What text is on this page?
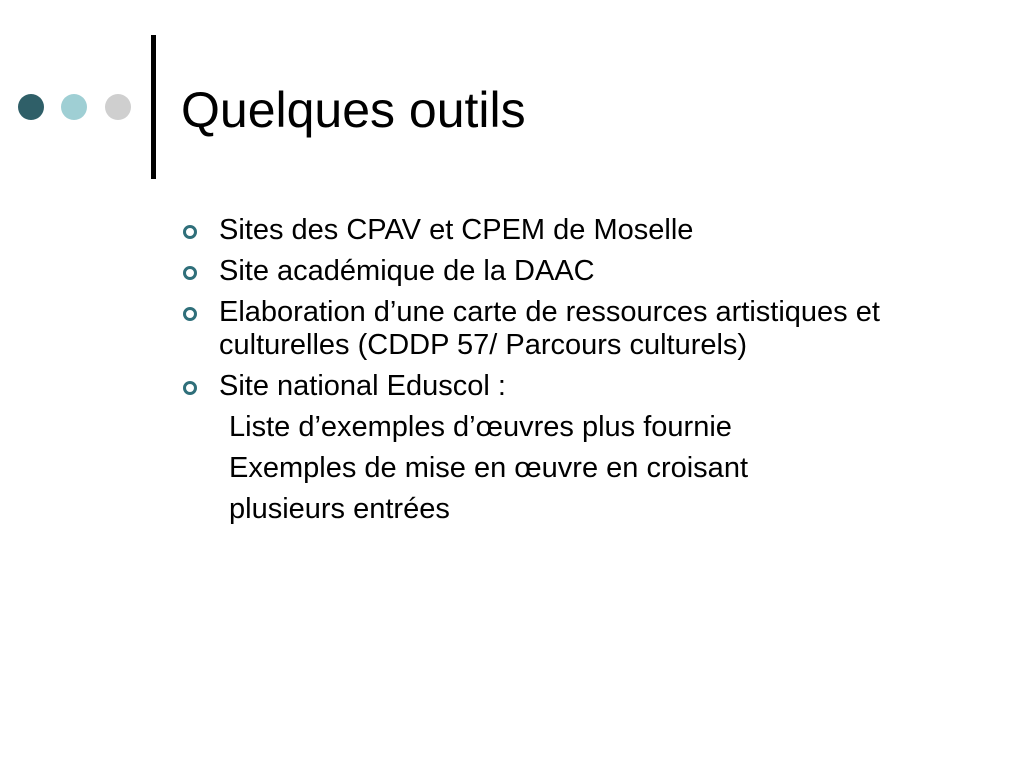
Quelques outils
Sites des CPAV et CPEM de Moselle
Site académique de la DAAC
Elaboration d’une carte de ressources artistiques et culturelles (CDDP 57/ Parcours culturels)
Site national Eduscol :
Liste d’exemples d’œuvres plus fournie
Exemples de mise en œuvre en croisant
plusieurs entrées
